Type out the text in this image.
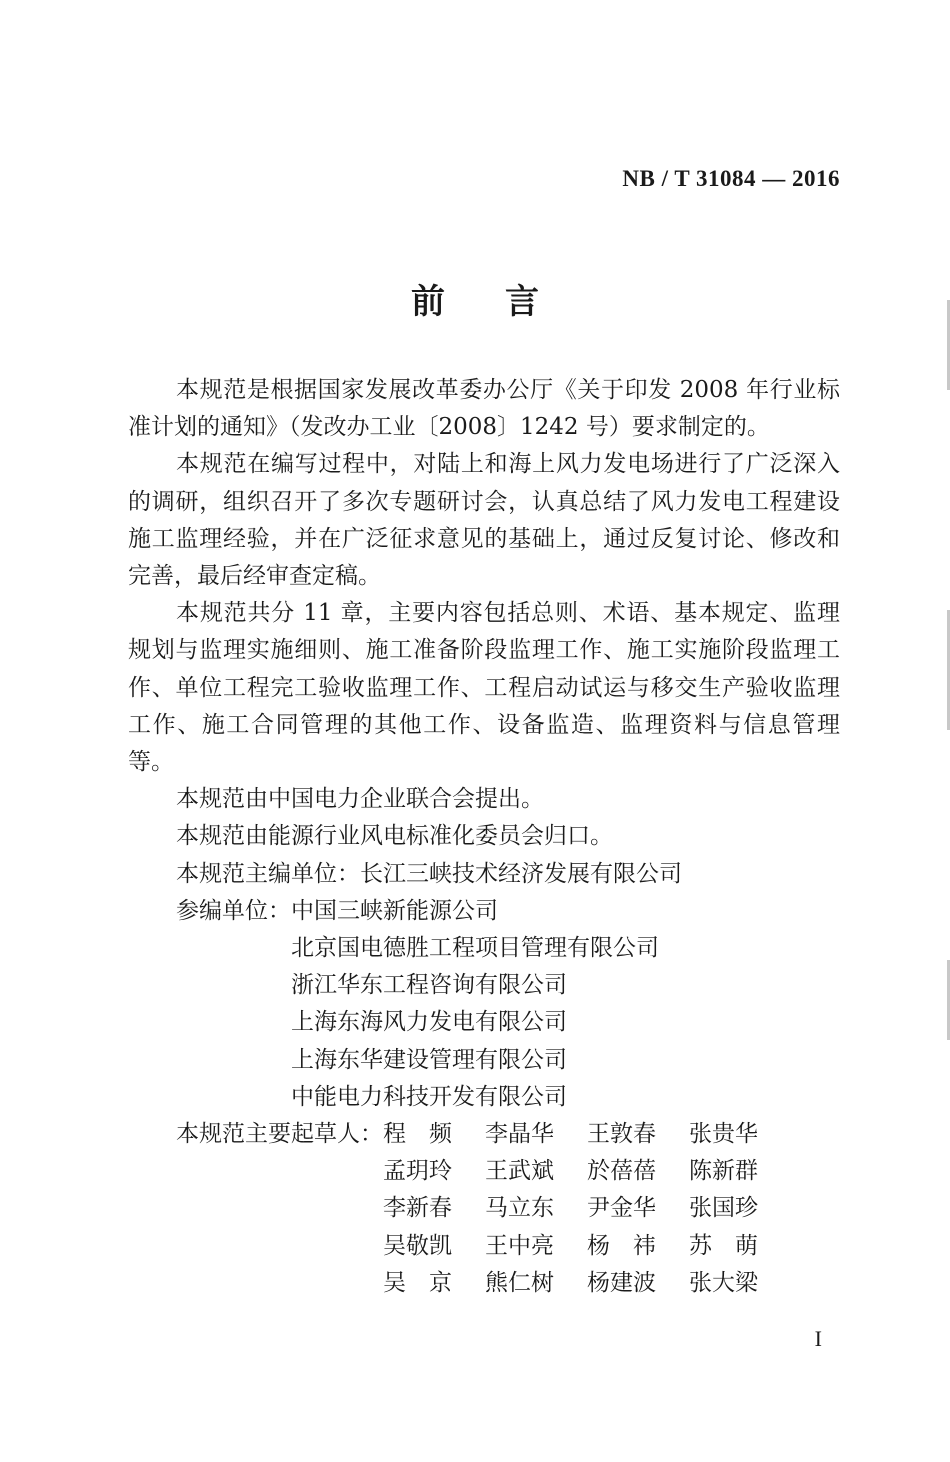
NB / T 31084 — 2016
前 言

本规范是根据国家发展改革委办公厅《关于印发 2008 年行业标准计划的通知》（发改办工业〔2008〕1242 号）要求制定的。

本规范在编写过程中，对陆上和海上风力发电场进行了广泛深入的调研，组织召开了多次专题研讨会，认真总结了风力发电工程建设施工监理经验，并在广泛征求意见的基础上，通过反复讨论、修改和完善，最后经审查定稿。

本规范共分 11 章，主要内容包括总则、术语、基本规定、监理规划与监理实施细则、施工准备阶段监理工作、施工实施阶段监理工作、单位工程完工验收监理工作、工程启动试运与移交生产验收监理工作、施工合同管理的其他工作、设备监造、监理资料与信息管理等。

本规范由中国电力企业联合会提出。

本规范由能源行业风电标准化委员会归口。

本规范主编单位：长江三峡技术经济发展有限公司

参编单位： 中国三峡新能源公司
北京国电德胜工程项目管理有限公司
浙江华东工程咨询有限公司
上海东海风力发电有限公司
上海东华建设管理有限公司
中能电力科技开发有限公司
本规范主要起草人： 程　频	李晶华	王敦春	张贵华
孟玥玲	王武斌	於蓓蓓	陈新群
李新春	马立东	尹金华	张国珍
吴敬凯	王中亮	杨　祎	苏　萌
吴　京	熊仁树	杨建波	张大梁
I
